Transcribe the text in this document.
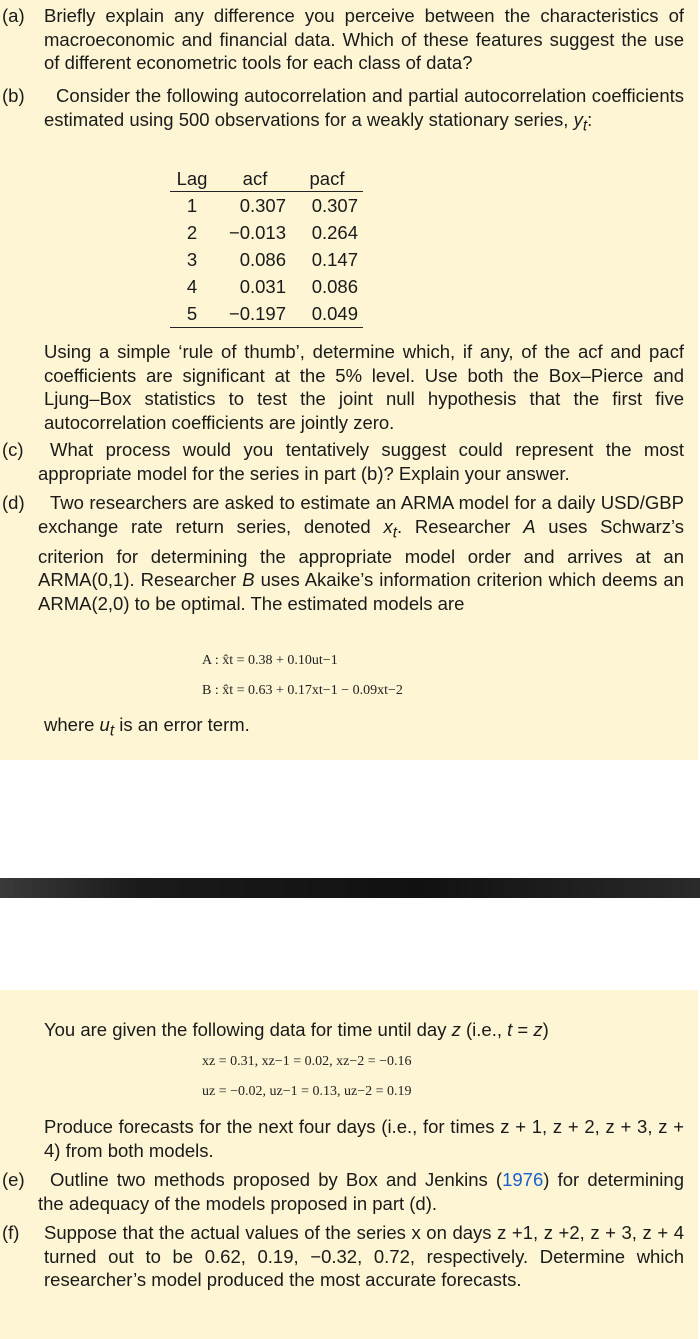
(a) Briefly explain any difference you perceive between the characteristics of macroeconomic and financial data. Which of these features suggest the use of different econometric tools for each class of data?
(b)	Consider the following autocorrelation and partial autocorrelation coefficients estimated using 500 observations for a weakly stationary series, $y_t$:
Lag	acf	pacf
1	0.307	0.307
2	−0.013	0.264
3	0.086	0.147
4	0.031	0.086
5	−0.197	0.049
Using a simple ‘rule of thumb’, determine which, if any, of the acf and pacf coefficients are significant at the 5% level. Use both the Box–Pierce and Ljung–Box statistics to test the joint null hypothesis that the first five autocorrelation coefficients are jointly zero.
(c)	What process would you tentatively suggest could represent the most appropriate model for the series in part (b)? Explain your answer.
(d)	Two researchers are asked to estimate an ARMA model for a daily USD/GBP exchange rate return series, denoted $x_t$. Researcher A uses Schwarz’s criterion for determining the appropriate model order and arrives at an ARMA(0,1). Researcher B uses Akaike’s information criterion which deems an ARMA(2,0) to be optimal. The estimated models are
A : x̂t = 0.38 + 0.10ut−1
B : x̂t = 0.63 + 0.17xt−1 − 0.09xt−2
where $u_t$ is an error term.
You are given the following data for time until day z (i.e., t = z)
xz = 0.31, xz−1 = 0.02, xz−2 = −0.16
uz = −0.02, uz−1 = 0.13, uz−2 = 0.19
Produce forecasts for the next four days (i.e., for times z + 1, z + 2, z + 3, z + 4) from both models.
(e)	Outline two methods proposed by Box and Jenkins (1976) for determining the adequacy of the models proposed in part (d).
(f) Suppose that the actual values of the series x on days z +1, z +2, z + 3, z + 4 turned out to be 0.62, 0.19, −0.32, 0.72, respectively. Determine which researcher’s model produced the most accurate forecasts.
